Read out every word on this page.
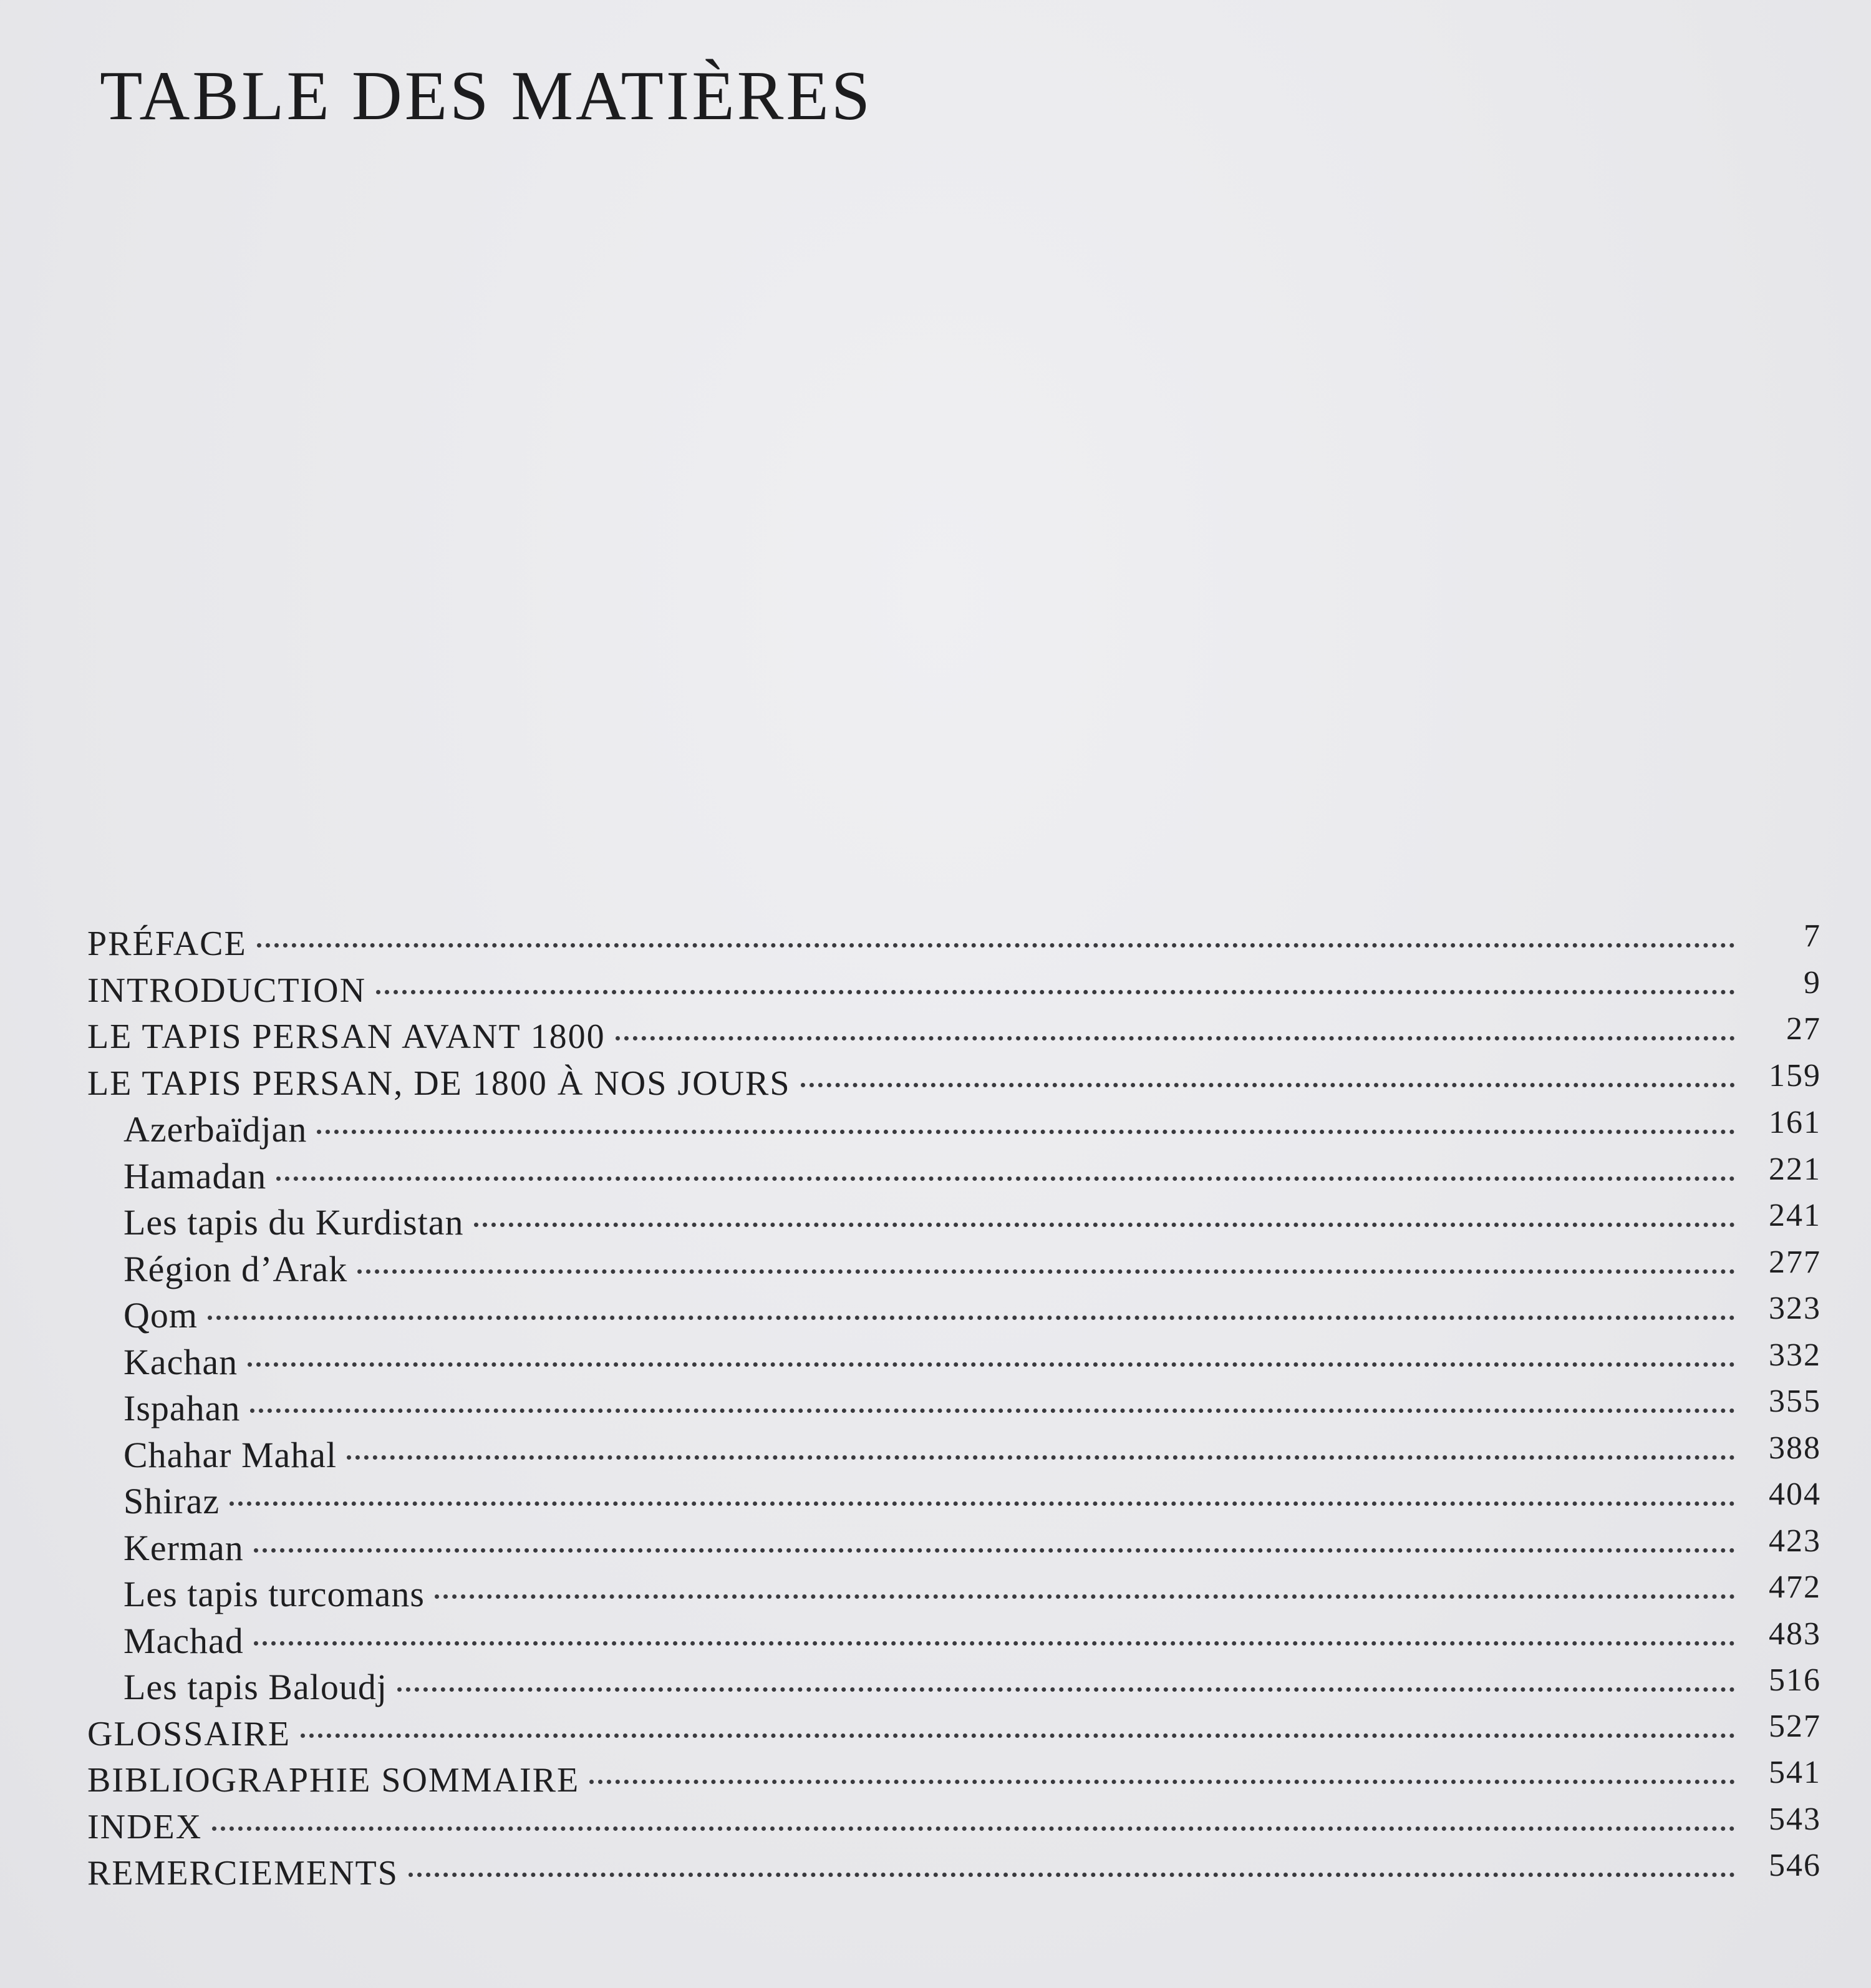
TABLE DES MATIÈRES
PRÉFACE	7
INTRODUCTION	9
LE TAPIS PERSAN AVANT 1800	27
LE TAPIS PERSAN, DE 1800 À NOS JOURS	159
Azerbaïdjan	161
Hamadan	221
Les tapis du Kurdistan	241
Région d’Arak	277
Qom	323
Kachan	332
Ispahan	355
Chahar Mahal	388
Shiraz	404
Kerman	423
Les tapis turcomans	472
Machad	483
Les tapis Baloudj	516
GLOSSAIRE	527
BIBLIOGRAPHIE SOMMAIRE	541
INDEX	543
REMERCIEMENTS	546
